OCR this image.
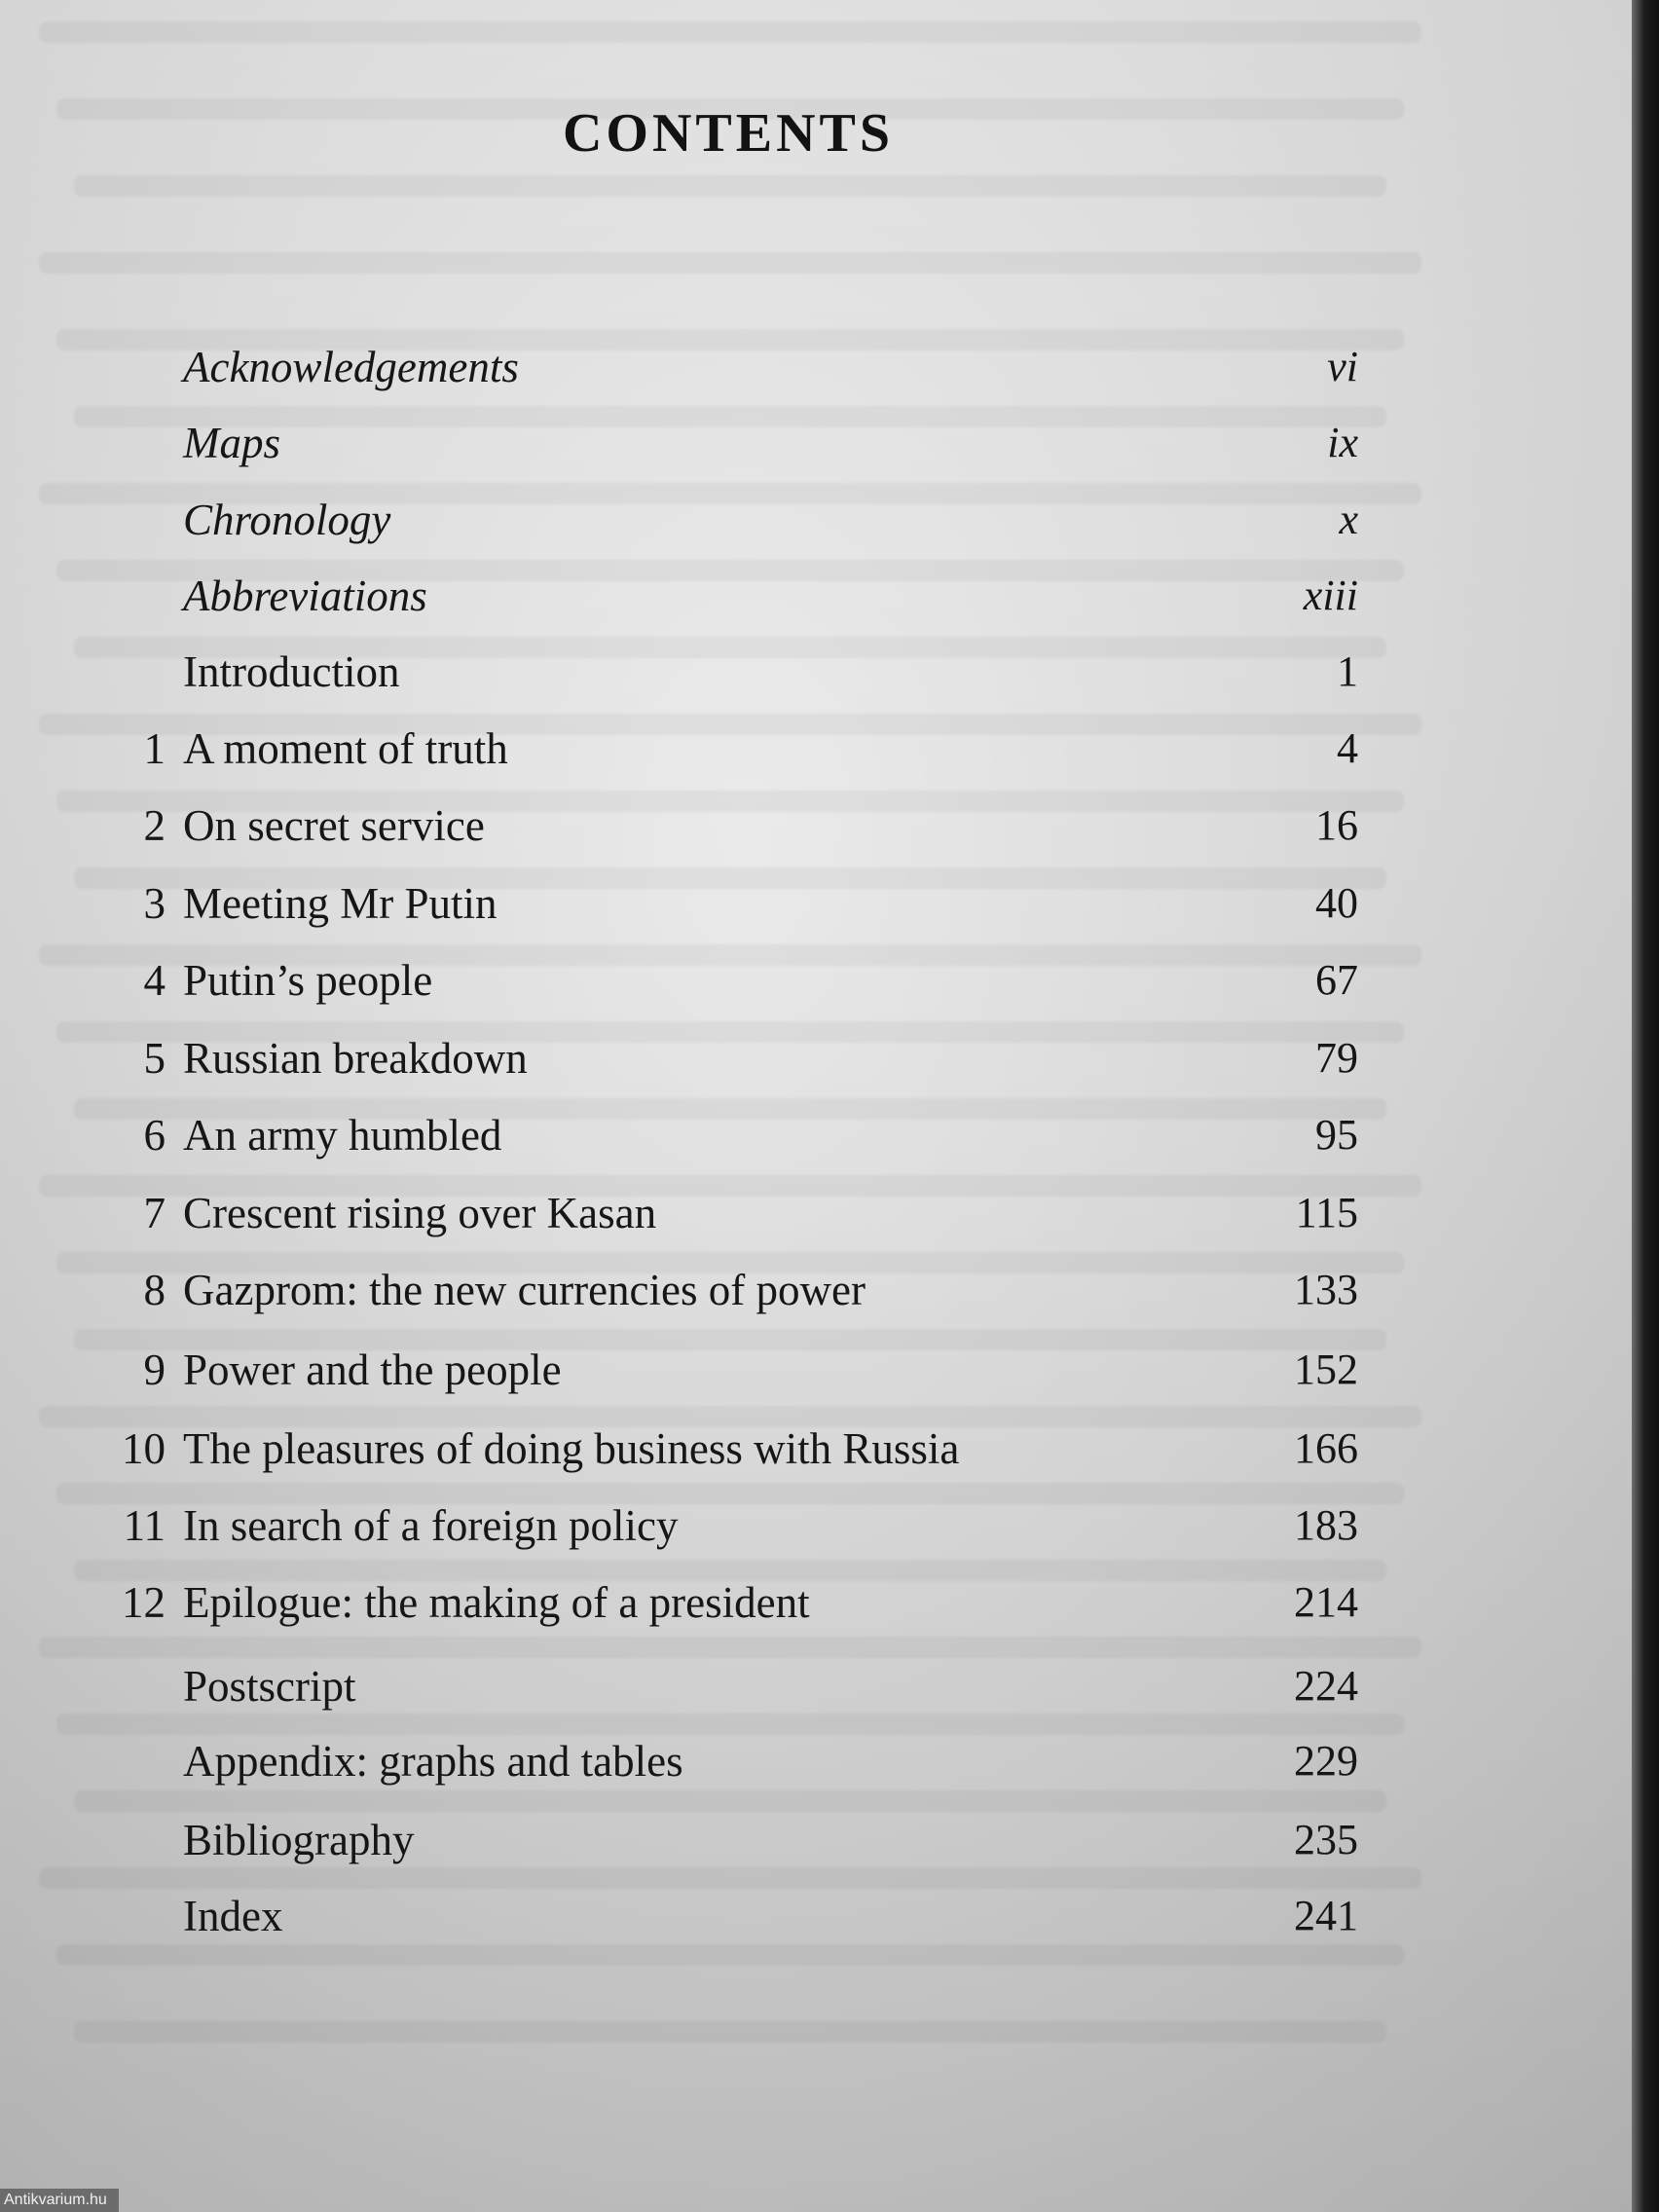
CONTENTS
Acknowledgements	vi
Maps	ix
Chronology	x
Abbreviations	xiii
Introduction	1
1 A moment of truth	4
2 On secret service	16
3 Meeting Mr Putin	40
4 Putin’s people	67
5 Russian breakdown	79
6 An army humbled	95
7 Crescent rising over Kasan	115
8 Gazprom: the new currencies of power	133
9 Power and the people	152
10 The pleasures of doing business with Russia	166
11 In search of a foreign policy	183
12 Epilogue: the making of a president	214
Postscript	224
Appendix: graphs and tables	229
Bibliography	235
Index	241
Antikvarium.hu
